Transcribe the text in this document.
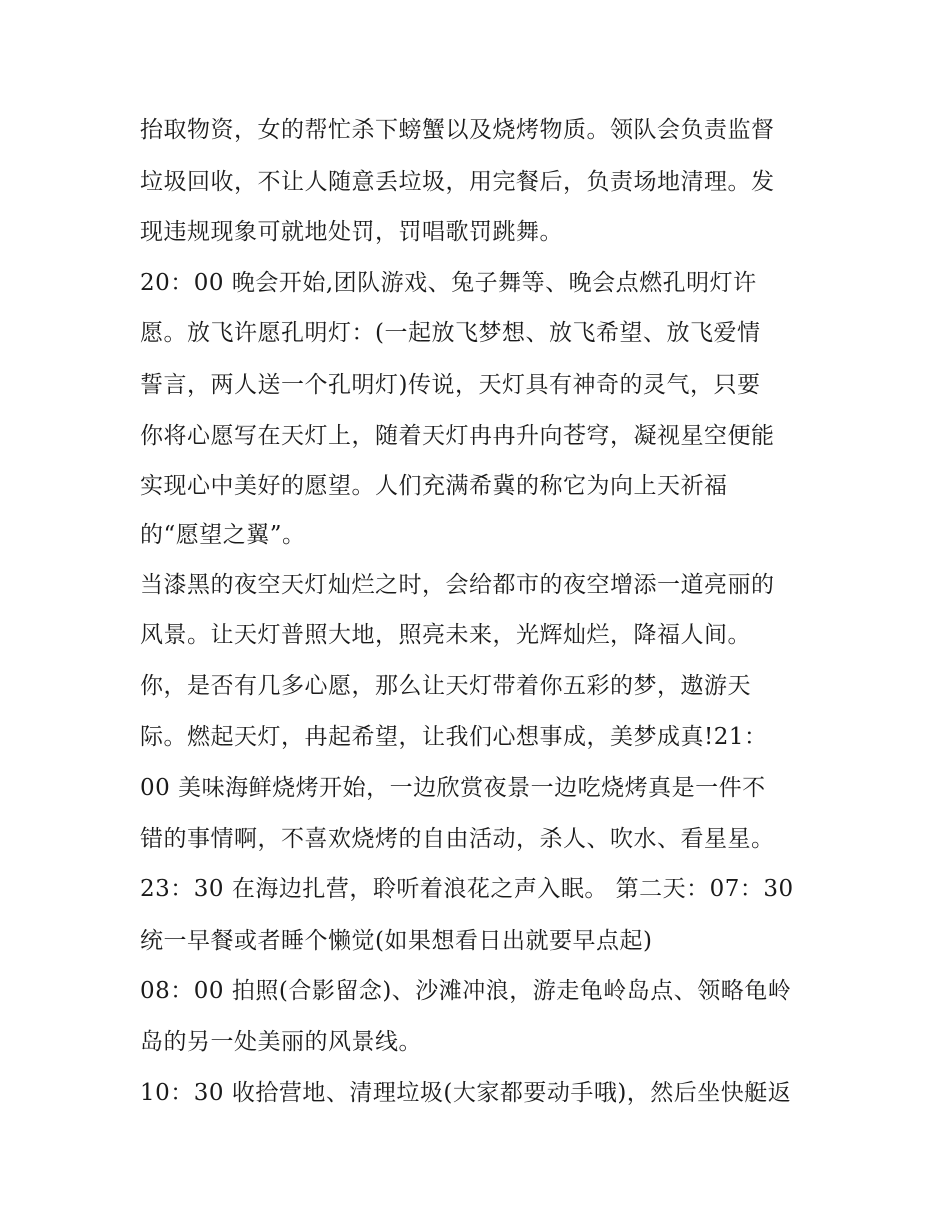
抬取物资，女的帮忙杀下螃蟹以及烧烤物质。领队会负责监督
垃圾回收，不让人随意丢垃圾，用完餐后，负责场地清理。发
现违规现象可就地处罚，罚唱歌罚跳舞。
20：00 晚会开始,团队游戏、兔子舞等、晚会点燃孔明灯许
愿。放飞许愿孔明灯：(一起放飞梦想、放飞希望、放飞爱情
誓言，两人送一个孔明灯)传说，天灯具有神奇的灵气，只要
你将心愿写在天灯上，随着天灯冉冉升向苍穹，凝视星空便能
实现心中美好的愿望。人们充满希冀的称它为向上天祈福
的“愿望之翼”。
当漆黑的夜空天灯灿烂之时，会给都市的夜空增添一道亮丽的
风景。让天灯普照大地，照亮未来，光辉灿烂，降福人间。
你，是否有几多心愿，那么让天灯带着你五彩的梦，遨游天
际。燃起天灯，冉起希望，让我们心想事成，美梦成真!21：
00 美味海鲜烧烤开始，一边欣赏夜景一边吃烧烤真是一件不
错的事情啊，不喜欢烧烤的自由活动，杀人、吹水、看星星。
23：30 在海边扎营，聆听着浪花之声入眠。 第二天：07：30
统一早餐或者睡个懒觉(如果想看日出就要早点起)
08：00 拍照(合影留念)、沙滩冲浪，游走龟岭岛点、领略龟岭
岛的另一处美丽的风景线。
10：30 收拾营地、清理垃圾(大家都要动手哦)，然后坐快艇返
